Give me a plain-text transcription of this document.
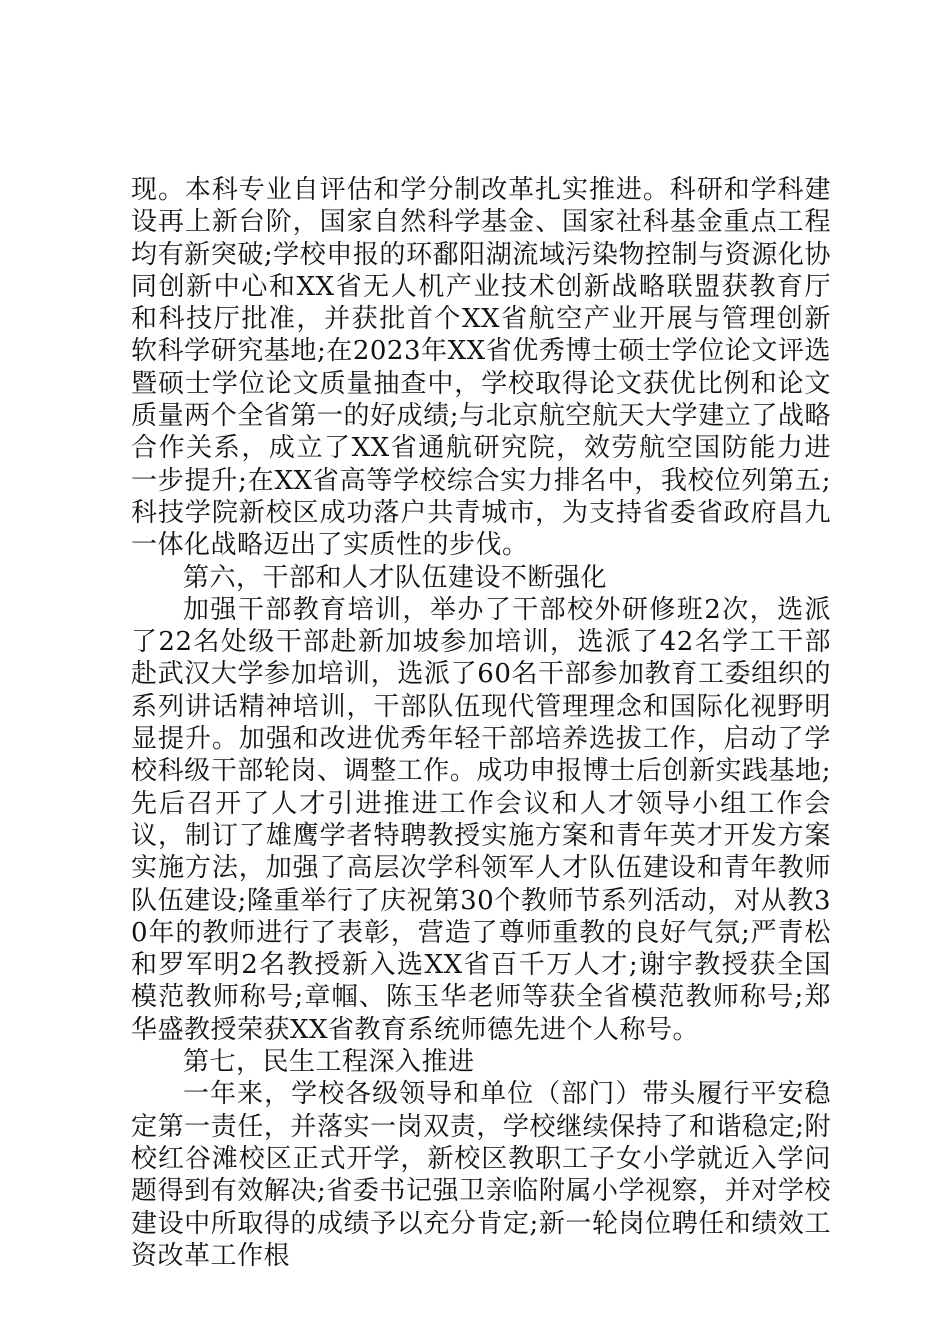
现。本科专业自评估和学分制改革扎实推进。科研和学科建设再上新台阶，国家自然科学基金、国家社科基金重点工程均有新突破;学校申报的环鄱阳湖流域污染物控制与资源化协同创新中心和XX省无人机产业技术创新战略联盟获教育厅和科技厅批准，并获批首个XX省航空产业开展与管理创新软科学研究基地;在2023年XX省优秀博士硕士学位论文评选暨硕士学位论文质量抽查中，学校取得论文获优比例和论文质量两个全省第一的好成绩;与北京航空航天大学建立了战略合作关系，成立了XX省通航研究院，效劳航空国防能力进一步提升;在XX省高等学校综合实力排名中，我校位列第五;科技学院新校区成功落户共青城市，为支持省委省政府昌九一体化战略迈出了实质性的步伐。

第六，干部和人才队伍建设不断强化

加强干部教育培训，举办了干部校外研修班2次，选派了22名处级干部赴新加坡参加培训，选派了42名学工干部赴武汉大学参加培训，选派了60名干部参加教育工委组织的系列讲话精神培训，干部队伍现代管理理念和国际化视野明显提升。加强和改进优秀年轻干部培养选拔工作，启动了学校科级干部轮岗、调整工作。成功申报博士后创新实践基地;先后召开了人才引进推进工作会议和人才领导小组工作会议，制订了雄鹰学者特聘教授实施方案和青年英才开发方案实施方法，加强了高层次学科领军人才队伍建设和青年教师队伍建设;隆重举行了庆祝第30个教师节系列活动，对从教30年的教师进行了表彰，营造了尊师重教的良好气氛;严青松和罗军明2名教授新入选XX省百千万人才;谢宇教授获全国模范教师称号;章帼、陈玉华老师等获全省模范教师称号;郑华盛教授荣获XX省教育系统师德先进个人称号。

第七，民生工程深入推进

一年来，学校各级领导和单位（部门）带头履行平安稳定第一责任，并落实一岗双责，学校继续保持了和谐稳定;附校红谷滩校区正式开学，新校区教职工子女小学就近入学问题得到有效解决;省委书记强卫亲临附属小学视察，并对学校建设中所取得的成绩予以充分肯定;新一轮岗位聘任和绩效工资改革工作根
